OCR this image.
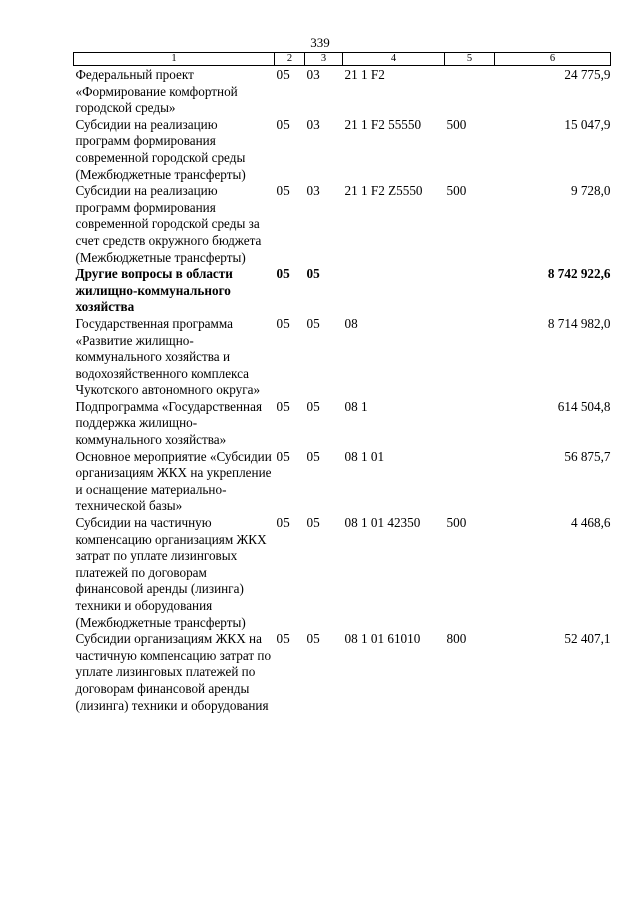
339
1	2	3	4	5	6
Федеральный проект «Формирование комфортной городской среды»	05	03	21 1 F2		24 775,9
Субсидии на реализацию программ формирования современной городской среды (Межбюджетные трансферты)	05	03	21 1 F2 55550	500	15 047,9
Субсидии на реализацию программ формирования современной городской среды за счет средств окружного бюджета (Межбюджетные трансферты)	05	03	21 1 F2 Z5550	500	9 728,0
Другие вопросы в области жилищно-коммунального хозяйства	05	05			8 742 922,6
Государственная программа «Развитие жилищно-коммунального хозяйства и водохозяйственного комплекса Чукотского автономного округа»	05	05	08		8 714 982,0
Подпрограмма «Государственная поддержка жилищно-коммунального хозяйства»	05	05	08 1		614 504,8
Основное мероприятие «Субсидии организациям ЖКХ на укрепление и оснащение материально-технической базы»	05	05	08 1 01		56 875,7
Субсидии на частичную компенсацию организациям ЖКХ затрат по уплате лизинговых платежей по договорам финансовой аренды (лизинга) техники и оборудования (Межбюджетные трансферты)	05	05	08 1 01 42350	500	4 468,6
Субсидии организациям ЖКХ на частичную компенсацию затрат по уплате лизинговых платежей по договорам финансовой аренды (лизинга) техники и оборудования	05	05	08 1 01 61010	800	52 407,1
